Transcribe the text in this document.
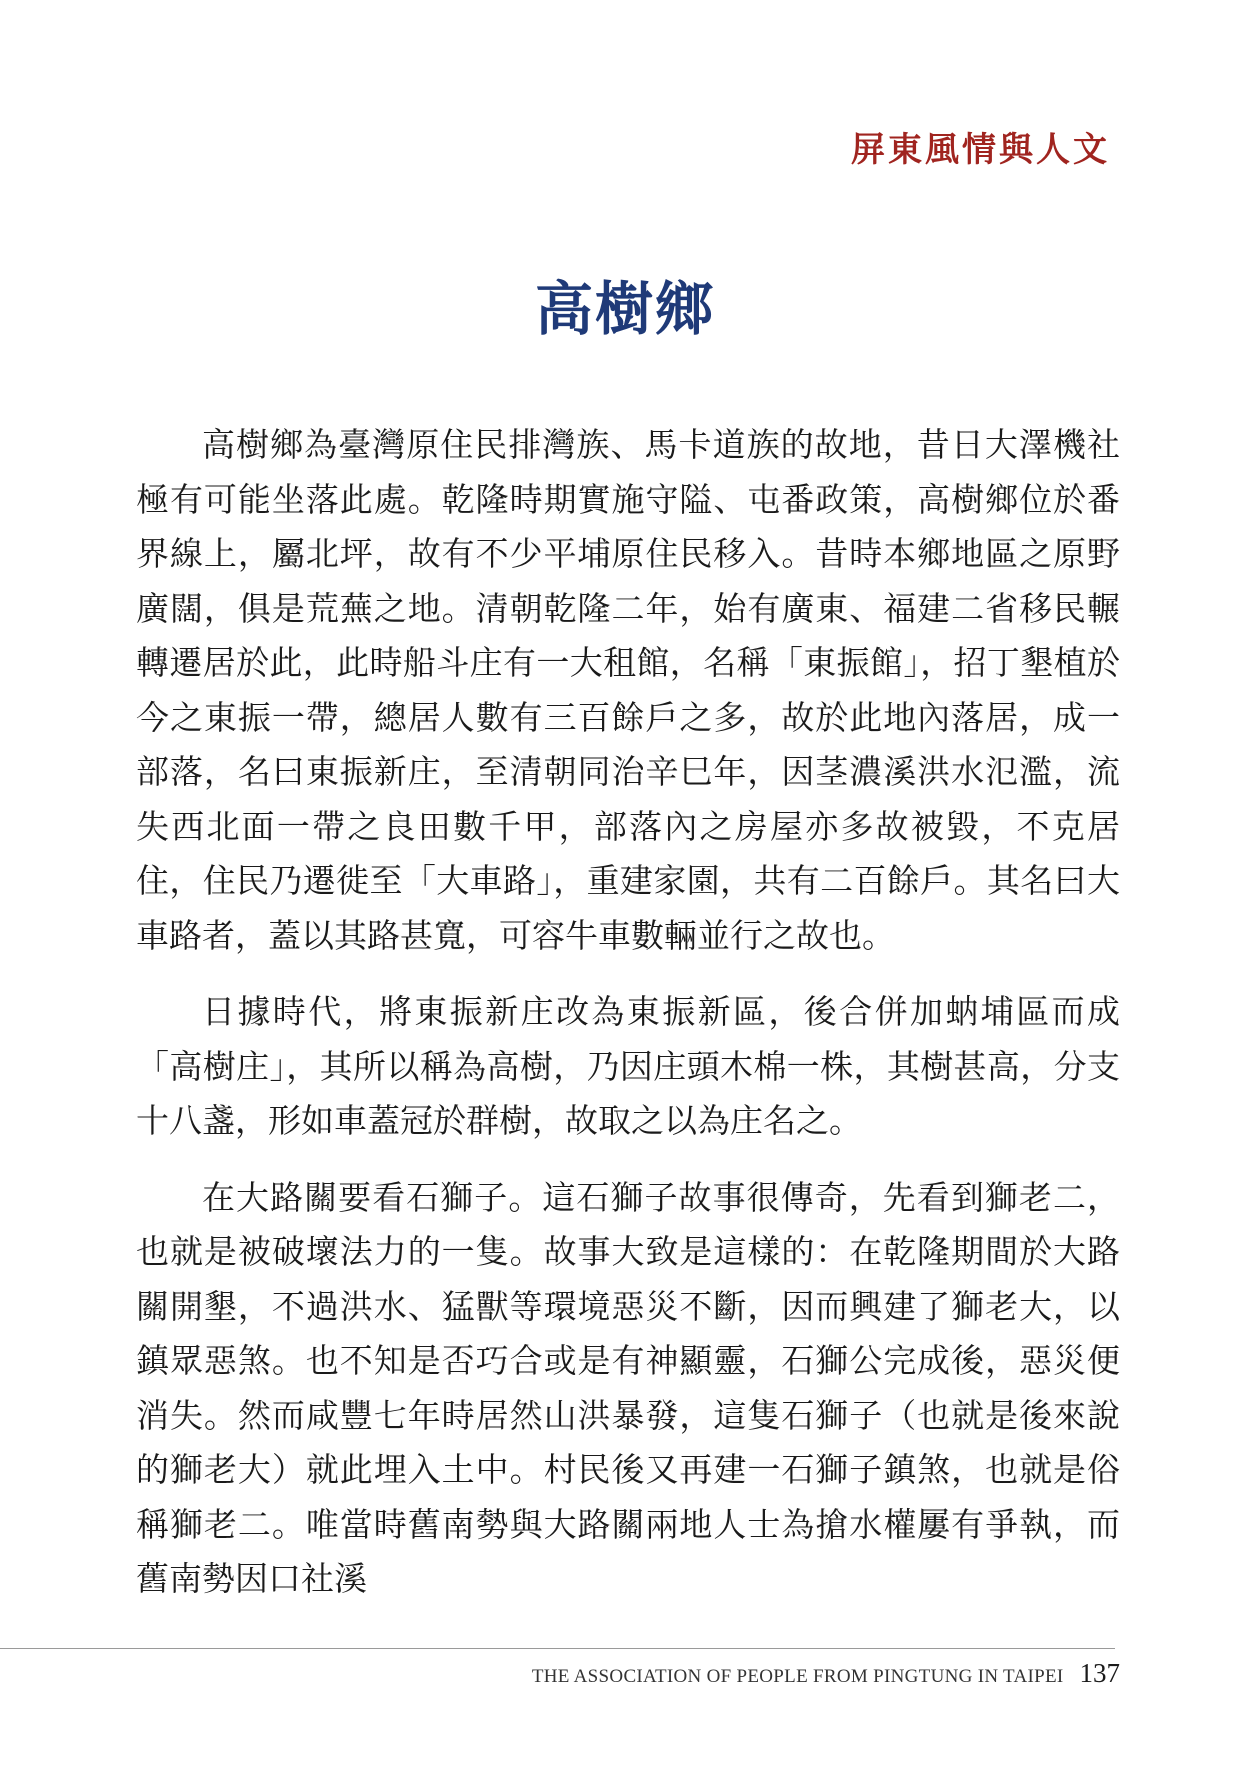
屏東風情與人文
高樹鄉

高樹鄉為臺灣原住民排灣族、馬卡道族的故地，昔日大澤機社極有可能坐落此處。乾隆時期實施守隘、屯番政策，高樹鄉位於番界線上，屬北坪，故有不少平埔原住民移入。昔時本鄉地區之原野廣闊，俱是荒蕪之地。清朝乾隆二年，始有廣東、福建二省移民輾轉遷居於此，此時船斗庄有一大租館，名稱「東振館」，招丁墾植於今之東振一帶，總居人數有三百餘戶之多，故於此地內落居，成一部落，名曰東振新庄，至清朝同治辛巳年，因茎濃溪洪水氾濫，流失西北面一帶之良田數千甲，部落內之房屋亦多故被毀，不克居住，住民乃遷徙至「大車路」，重建家園，共有二百餘戶。其名曰大車路者，蓋以其路甚寬，可容牛車數輛並行之故也。

日據時代，將東振新庄改為東振新區，後合併加蚋埔區而成「高樹庄」，其所以稱為高樹，乃因庄頭木棉一株，其樹甚高，分支十八盞，形如車蓋冠於群樹，故取之以為庄名之。

在大路關要看石獅子。這石獅子故事很傳奇，先看到獅老二，也就是被破壞法力的一隻。故事大致是這樣的：在乾隆期間於大路關開墾，不過洪水、猛獸等環境惡災不斷，因而興建了獅老大，以鎮眾惡煞。也不知是否巧合或是有神顯靈，石獅公完成後，惡災便消失。然而咸豐七年時居然山洪暴發，這隻石獅子（也就是後來說的獅老大）就此埋入土中。村民後又再建一石獅子鎮煞，也就是俗稱獅老二。唯當時舊南勢與大路關兩地人士為搶水權屢有爭執，而舊南勢因口社溪

THE ASSOCIATION OF PEOPLE FROM PINGTUNG IN TAIPEI 137
